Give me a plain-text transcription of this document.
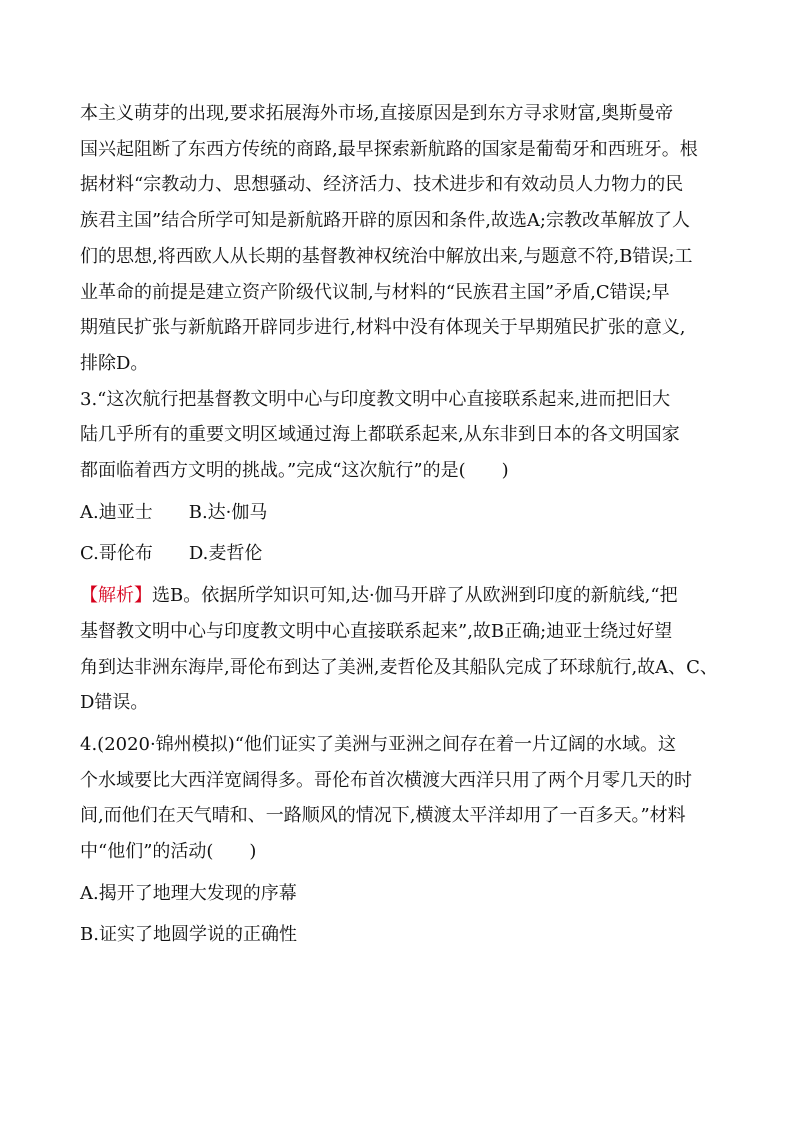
本主义萌芽的出现,要求拓展海外市场,直接原因是到东方寻求财富,奥斯曼帝

国兴起阻断了东西方传统的商路,最早探索新航路的国家是葡萄牙和西班牙。根

据材料“宗教动力、思想骚动、经济活力、技术进步和有效动员人力物力的民

族君主国”结合所学可知是新航路开辟的原因和条件,故选A;宗教改革解放了人

们的思想,将西欧人从长期的基督教神权统治中解放出来,与题意不符,B错误;工

业革命的前提是建立资产阶级代议制,与材料的“民族君主国”矛盾,C错误;早

期殖民扩张与新航路开辟同步进行,材料中没有体现关于早期殖民扩张的意义,

排除D。

3.“这次航行把基督教文明中心与印度教文明中心直接联系起来,进而把旧大

陆几乎所有的重要文明区域通过海上都联系起来,从东非到日本的各文明国家

都面临着西方文明的挑战。”完成“这次航行”的是(　　)

A.迪亚士 B.达·伽马
C.哥伦布 D.麦哲伦

【解析】选B。依据所学知识可知,达·伽马开辟了从欧洲到印度的新航线,“把

基督教文明中心与印度教文明中心直接联系起来”,故B正确;迪亚士绕过好望

角到达非洲东海岸,哥伦布到达了美洲,麦哲伦及其船队完成了环球航行,故A、C、

D错误。

4.(2020·锦州模拟)“他们证实了美洲与亚洲之间存在着一片辽阔的水域。这

个水域要比大西洋宽阔得多。哥伦布首次横渡大西洋只用了两个月零几天的时

间,而他们在天气晴和、一路顺风的情况下,横渡太平洋却用了一百多天。”材料

中“他们”的活动(　　)

A.揭开了地理大发现的序幕

B.证实了地圆学说的正确性
